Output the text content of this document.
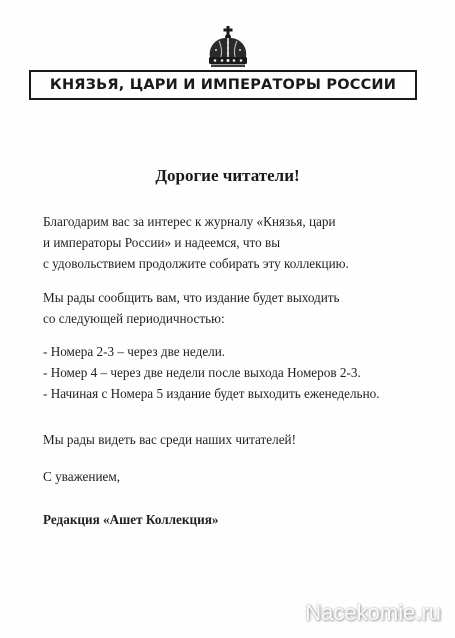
КНЯЗЬЯ, ЦАРИ И ИМПЕРАТОРЫ РОССИИ
Дорогие читатели!
Благодарим вас за интерес к журналу «Князья, цари
и императоры России» и надеемся, что вы
с удовольствием продолжите собирать эту коллекцию.
Мы рады сообщить вам, что издание будет выходить
со следующей периодичностью:
- Номера 2-3 – через две недели.
- Номер 4 – через две недели после выхода Номеров 2-3.
- Начиная с Номера 5 издание будет выходить еженедельно.
Мы рады видеть вас среди наших читателей!
С уважением,
Редакция «Ашет Коллекция»
Nacekomie.ru
